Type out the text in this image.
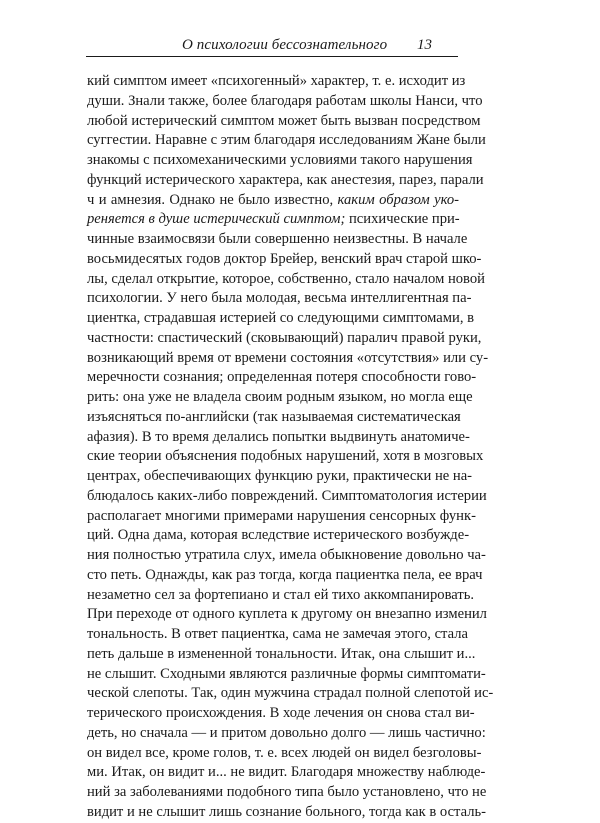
О психологии бессознательного 13
кий симптом имеет «психогенный» характер, т. е. исходит из
души. Знали также, более благодаря работам школы Нанси, что
любой истерический симптом может быть вызван посредством
суггестии. Наравне с этим благодаря исследованиям Жане были
знакомы с психомеханическими условиями такого нарушения
функций истерического характера, как анестезия, парез, парали
ч и амнезия. Однако не было известно, каким образом уко-
реняется в душе истерический симптом; психические при-
чинные взаимосвязи были совершенно неизвестны. В начале
восьмидесятых годов доктор Брейер, венский врач старой шко-
лы, сделал открытие, которое, собственно, стало началом новой
психологии. У него была молодая, весьма интеллигентная па-
циентка, страдавшая истерией со следующими симптомами, в
частности: спастический (сковывающий) паралич правой руки,
возникающий время от времени состояния «отсутствия» или су-
меречности сознания; определенная потеря способности гово-
рить: она уже не владела своим родным языком, но могла еще
изъясняться по-английски (так называемая систематическая
афазия). В то время делались попытки выдвинуть анатомиче-
ские теории объяснения подобных нарушений, хотя в мозговых
центрах, обеспечивающих функцию руки, практически не на-
блюдалось каких-либо повреждений. Симптоматология истерии
располагает многими примерами нарушения сенсорных функ-
ций. Одна дама, которая вследствие истерического возбужде-
ния полностью утратила слух, имела обыкновение довольно ча-
сто петь. Однажды, как раз тогда, когда пациентка пела, ее врач
незаметно сел за фортепиано и стал ей тихо аккомпанировать.
При переходе от одного куплета к другому он внезапно изменил
тональность. В ответ пациентка, сама не замечая этого, стала
петь дальше в измененной тональности. Итак, она слышит и...
не слышит. Сходными являются различные формы симптомати-
ческой слепоты. Так, один мужчина страдал полной слепотой ис-
терического происхождения. В ходе лечения он снова стал ви-
деть, но сначала — и притом довольно долго — лишь частично:
он видел все, кроме голов, т. е. всех людей он видел безголовы-
ми. Итак, он видит и... не видит. Благодаря множеству наблюде-
ний за заболеваниями подобного типа было установлено, что не
видит и не слышит лишь сознание больного, тогда как в осталь-
